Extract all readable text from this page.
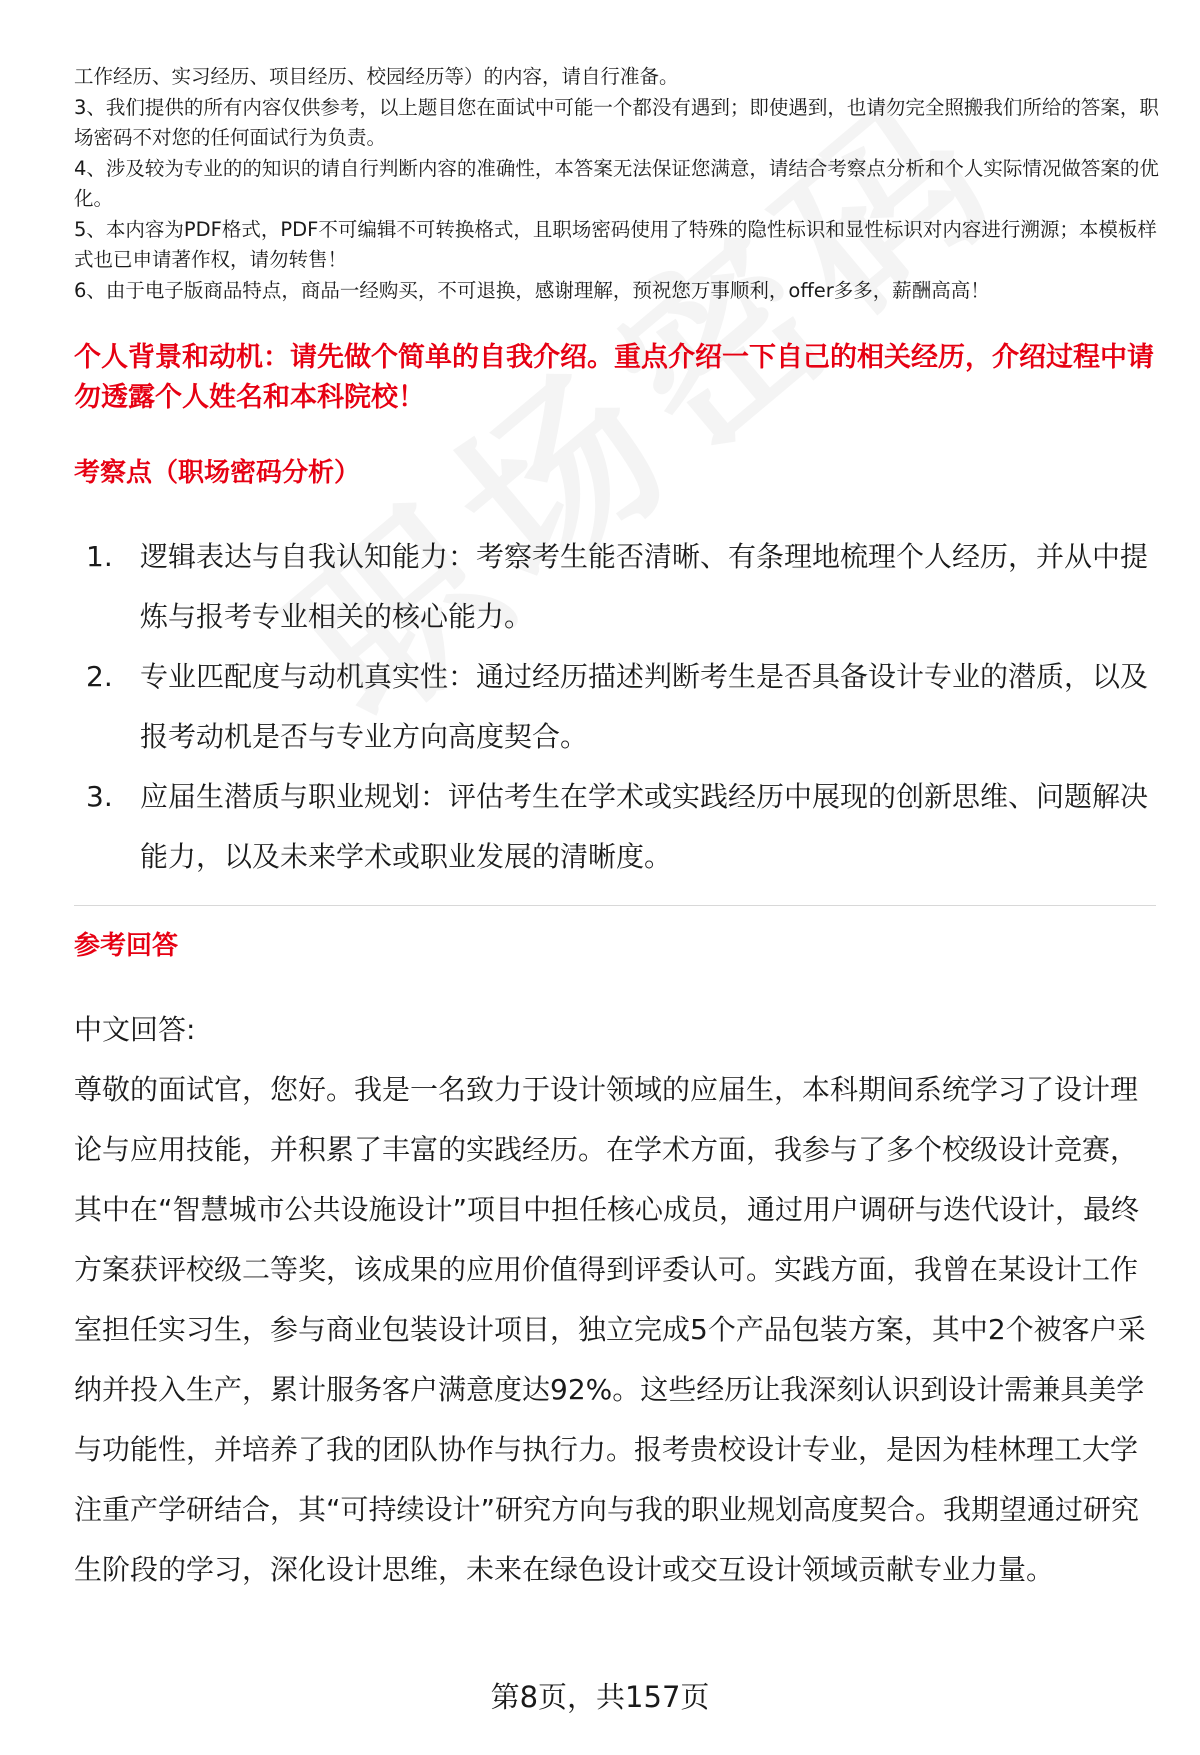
工作经历、实习经历、项目经历、校园经历等）的内容，请自行准备。

3、我们提供的所有内容仅供参考，以上题目您在面试中可能一个都没有遇到；即使遇到，也请勿完全照搬我们所给的答案，职场密码不对您的任何面试行为负责。

4、涉及较为专业的的知识的请自行判断内容的准确性，本答案无法保证您满意，请结合考察点分析和个人实际情况做答案的优化。

5、本内容为PDF格式，PDF不可编辑不可转换格式，且职场密码使用了特殊的隐性标识和显性标识对内容进行溯源；本模板样式也已申请著作权，请勿转售！

6、由于电子版商品特点，商品一经购买，不可退换，感谢理解，预祝您万事顺利，offer多多，薪酬高高！

个人背景和动机：请先做个简单的自我介绍。重点介绍一下自己的相关经历，介绍过程中请勿透露个人姓名和本科院校！
考察点（职场密码分析）
1. 逻辑表达与自我认知能力：考察考生能否清晰、有条理地梳理个人经历，并从中提炼与报考专业相关的核心能力。
2. 专业匹配度与动机真实性：通过经历描述判断考生是否具备设计专业的潜质，以及报考动机是否与专业方向高度契合。
3. 应届生潜质与职业规划：评估考生在学术或实践经历中展现的创新思维、问题解决能力，以及未来学术或职业发展的清晰度。
参考回答

中文回答:

尊敬的面试官，您好。我是一名致力于设计领域的应届生，本科期间系统学习了设计理论与应用技能，并积累了丰富的实践经历。在学术方面，我参与了多个校级设计竞赛，其中在“智慧城市公共设施设计”项目中担任核心成员，通过用户调研与迭代设计，最终方案获评校级二等奖，该成果的应用价值得到评委认可。实践方面，我曾在某设计工作室担任实习生，参与商业包装设计项目，独立完成5个产品包装方案，其中2个被客户采纳并投入生产，累计服务客户满意度达92%。这些经历让我深刻认识到设计需兼具美学与功能性，并培养了我的团队协作与执行力。报考贵校设计专业，是因为桂林理工大学注重产学研结合，其“可持续设计”研究方向与我的职业规划高度契合。我期望通过研究生阶段的学习，深化设计思维，未来在绿色设计或交互设计领域贡献专业力量。

第8页，共157页
